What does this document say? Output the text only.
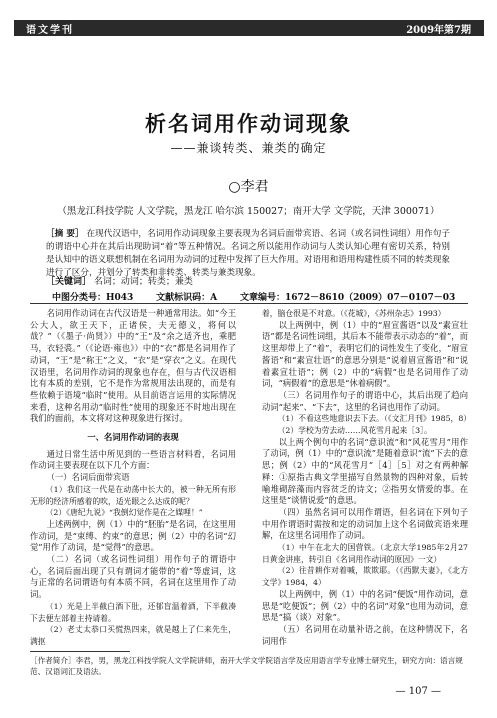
语文学刊	2009年第7期
析名词用作动词现象
——兼谈转类、兼类的确定
○李君
（黑龙江科技学院 人文学院，黑龙江 哈尔滨 150027；南开大学 文学院，天津 300071）
［摘 要］ 在现代汉语中，名词用作动词现象主要表现为名词后面带宾语、名词（或名词性词组）用作句子的谓语中心并在其后出现助词“着”等五种情况。名词之所以能用作动词与人类认知心理有密切关系，特别是认知中的语义联想机制在名词用为动词的过程中发挥了巨大作用。对语用和语用构建性质不同的转类现象进行了区分，并划分了转类和非转类、转类与兼类现象。
［关键词］ 名词；动词；转类；兼类
中图分类号：H043	文献标识码：A	文章编号：1672－8610（2009）07－0107－03

名词用作动词在古代汉语是一种通常用法。如“今王公大人，欲王天下，正诸侯，夫无德义，将何以哉？”（《墨子·尚贤》）中的“王”及“余之适齐也，乘肥马，衣轻裘。”（《论语·雍也》）中的“衣”都是名词用作了动词，“王”是“称王”之义，“衣”是“穿衣”之义。在现代汉语里，名词用作动词的现象也存在，但与古代汉语相比有本质的差别，它不是作为常规用法出现的，而是有些依赖于语境“临时”使用。从目前语言运用的实际情况来看，这种名用动“临时性”使用的现象还不时地出现在我们的面前，本文将对这种现象进行探讨。

一、名词用作动词的表现

通过日常生活中所见到的一些语言材料看，名词用作动词主要表现在以下几个方面：

（一）名词后面带宾语

（1）我们这一代是在动荡中长大的，被一种无所有形无形的经济所感着的吹，适光眼之么达成的呢？

（2）《唐纪九说》“我倒幻觉作是在之媒哩！”

上述两例中，例（1）中的“胚胎”是名词，在这里用作动词，是“束缚、约束”的意思；例（2）中的名词“幻觉”用作了动词，是“觉得”的意思。

（二）名词（或名词性词组）用作句子的谓语中心，名词后面出现了只有谓词才能带的“着”等虚词，这与正常的名词谓语句有本质不同，名词在这里用作了动词。

（1）光是上半截白酒下肚，还郁盲温着酒，下半截凑下去便左部着主持请着。

（2）老丈太恭口买慌热四来，就是越上了仁来先生，满抠

着，脑仓很是不对意。（《花城》，《苏州杂志》1993）

以上两例中，例（1）中的“眉宣酱语”以及“素宣壮语”都是名词性词组，其后本不能带表示动态的“着”，而这里却带上了“着”，表明它们的词性发生了变化，“眉宣酱语”和“素宣壮语”的意思分别是“说着眉宣酱语”和“说着素宣壮语”；例（2）中的“病假”也是名词用作了动词，“病假着”的意思是“休着病假”。

（三）名词用作句子的谓语中心，其后出现了趋向动词“起来”、“下去”，这里的名词也用作了动词。

（1）不看这些地意识去下去。（《文汇月刊》1985，8）

（2）学校为劳去动……风花雪月起来［3］。

以上两个例句中的名词“意识流”和“风花雪月”用作了动词，例（1）中的“意识流”是随着意识“流”下去的意思；例（2）中的“风花雪月”［4］［5］对之有两种解释：①原指古典文学里描写自然景物的四种对象，后转喻堆砌辞藻而内容贫乏的诗文；②指男女情爱的事。在这里是“谈情说爱”的意思。

（四）虽然名词可以用作谓语，但名词在下列句子中用作谓语时需按和定的动词加上这个名词做宾语来理解，在这里名词用作了动词。

（1）中午在北大的国营铁。（北京大学1985年2月27日黄金讲座，转引自《名词用作动词的原因》一文）

（2）往昔耕作对着喊，欺欺耶。（《西默夫妻》，《北方文学》1984，4）

以上两例中，例（1）中的名词“便饭”用作动词，意思是“吃便饭”；例（2）中的名词“对象”也用为动词，意思是“搞（谈）对象”。

（五）名词用在动量补语之前，在这种情况下，名词用作

［作者简介］李君，男，黑龙江科技学院人文学院讲师，南开大学文学院语言学及应用语言学专业博士研究生，研究方向：语言规范、汉语词汇及语法。
— 107 —
